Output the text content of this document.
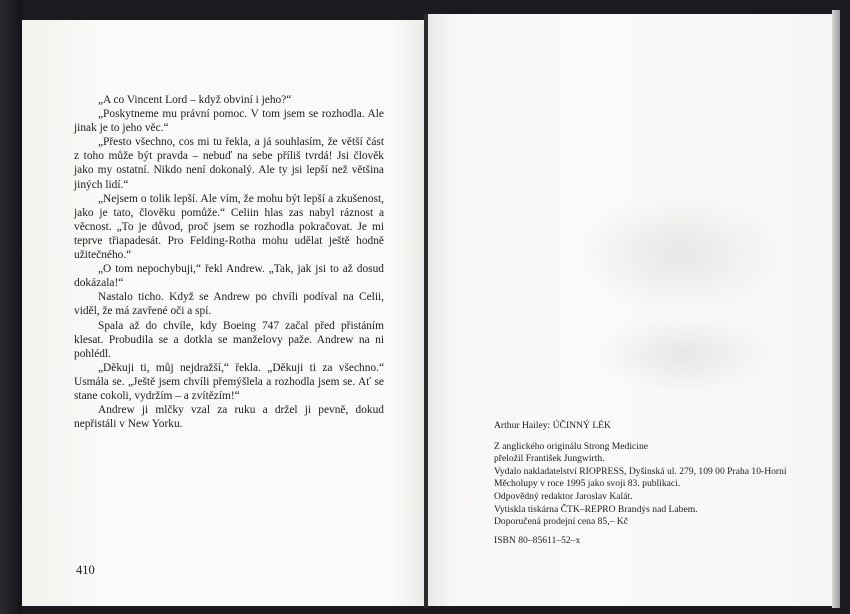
„A co Vincent Lord – když obviní i jeho?“

„Poskytneme mu právní pomoc. V tom jsem se rozhodla. Ale jinak je to jeho věc.“

„Přesto všechno, cos mi tu řekla, a já souhlasím, že větší část z toho může být pravda – nebuď na sebe příliš tvrdá! Jsi člověk jako my ostatní. Nikdo není dokonalý. Ale ty jsi lepší než většina jiných lidí.“

„Nejsem o tolik lepší. Ale vím, že mohu být lepší a zkušenost, jako je tato, člověku pomůže.“ Celiin hlas zas nabyl ráznost a věcnost. „To je důvod, proč jsem se rozhodla pokračovat. Je mi teprve třiapadesát. Pro Felding-Rotha mohu udělat ještě hodně užitečného.“

„O tom nepochybuji,“ řekl Andrew. „Tak, jak jsi to až dosud dokázala!“

Nastalo ticho. Když se Andrew po chvíli podíval na Celii, viděl, že má zavřené oči a spí.

Spala až do chvíle, kdy Boeing 747 začal před přistáním klesat. Probudila se a dotkla se manželovy paže. Andrew na ni pohlédl.

„Děkuji ti, můj nejdražší,“ řekla. „Děkuji ti za všechno.“ Usmála se. „Ještě jsem chvíli přemýšlela a rozhodla jsem se. Ať se stane cokoli, vydržím – a zvítězím!“

Andrew ji mlčky vzal za ruku a držel ji pevně, dokud nepřistáli v New Yorku.

410
Arthur Hailey: ÚČINNÝ LÉK
Z anglického originálu Strong Medicine
přeložil František Jungwirth.
Vydalo nakladatelství RIOPRESS, Dyšinská ul. 279, 109 00 Praha 10-Horní
Měcholupy v roce 1995 jako svoji 83. publikaci.
Odpovědný redaktor Jaroslav Kalát.
Vytiskla tiskárna ČTK–REPRO Brandýs nad Labem.
Doporučená prodejní cena 85,– Kč
ISBN 80–85611–52–x
